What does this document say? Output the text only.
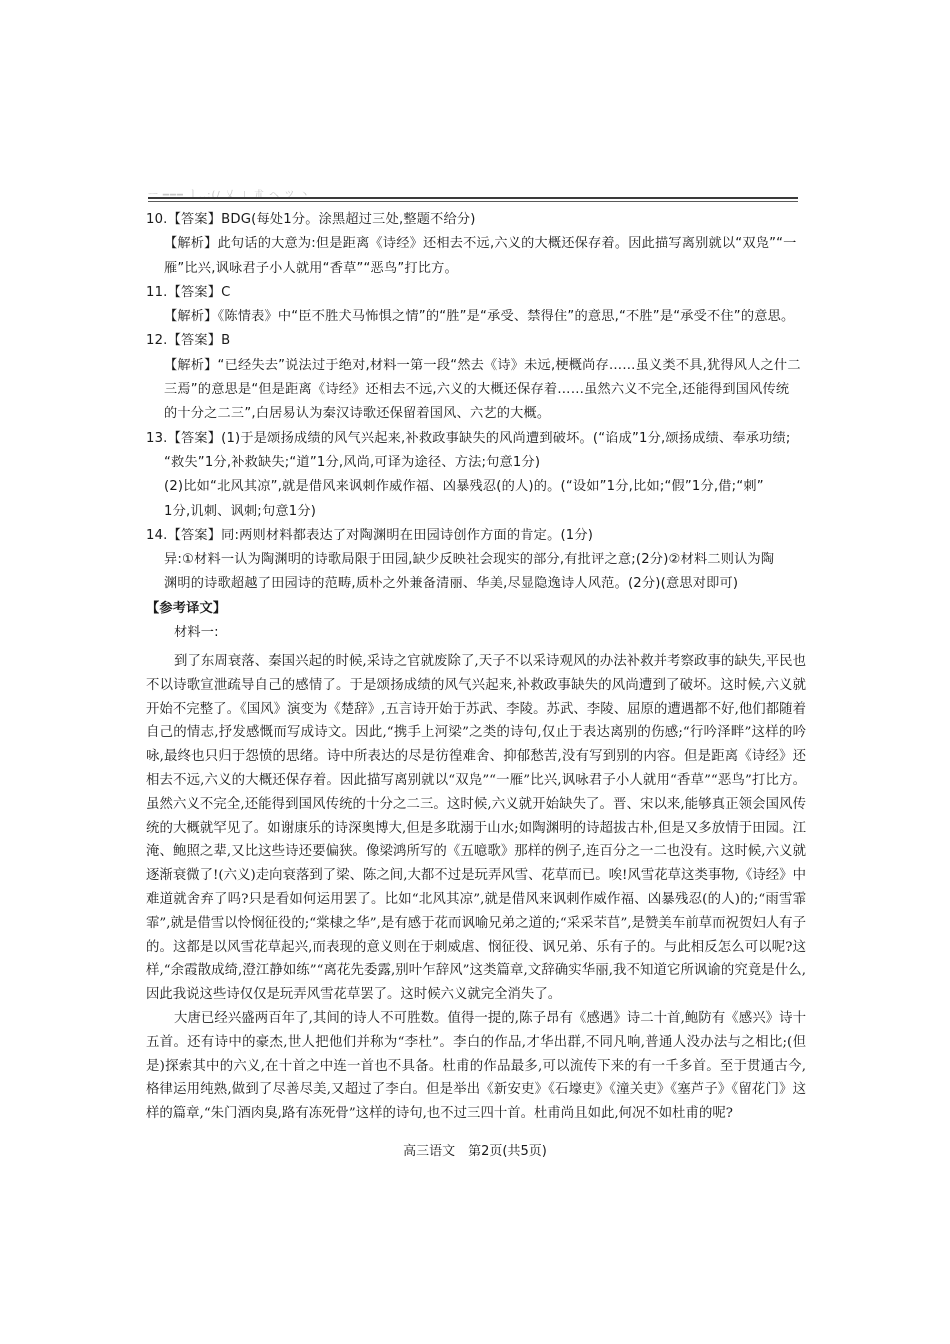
ㅡ ━━━ ㅣ..:(/ 乂 ⊥ 朮 ヘ ツ 丶

10.【答案】BDG(每处1分。涂黑超过三处,整题不给分)

【解析】此句话的大意为:但是距离《诗经》还相去不远,六义的大概还保存着。因此描写离别就以“双凫”“一

雁”比兴,讽咏君子小人就用“香草”“恶鸟”打比方。

11.【答案】C

【解析】《陈情表》中“臣不胜犬马怖惧之情”的“胜”是“承受、禁得住”的意思,“不胜”是“承受不住”的意思。

12.【答案】B

【解析】“已经失去”说法过于绝对,材料一第一段“然去《诗》未远,梗概尚存……虽义类不具,犹得风人之什二

三焉”的意思是“但是距离《诗经》还相去不远,六义的大概还保存着……虽然六义不完全,还能得到国风传统

的十分之二三”,白居易认为秦汉诗歌还保留着国风、六艺的大概。

13.【答案】(1)于是颂扬成绩的风气兴起来,补救政事缺失的风尚遭到破坏。(“谄成”1分,颂扬成绩、奉承功绩;

“救失”1分,补救缺失;“道”1分,风尚,可译为途径、方法;句意1分)

(2)比如“北风其凉”,就是借风来讽刺作威作福、凶暴残忍(的人)的。(“设如”1分,比如;“假”1分,借;“刺”

1分,讥刺、讽刺;句意1分)

14.【答案】同:两则材料都表达了对陶渊明在田园诗创作方面的肯定。(1分)

异:①材料一认为陶渊明的诗歌局限于田园,缺少反映社会现实的部分,有批评之意;(2分)②材料二则认为陶

渊明的诗歌超越了田园诗的范畴,质朴之外兼备清丽、华美,尽显隐逸诗人风范。(2分)(意思对即可)

【参考译文】

材料一:

到了东周衰落、秦国兴起的时候,采诗之官就废除了,天子不以采诗观风的办法补救并考察政事的缺失,平民也不以诗歌宣泄疏导自己的感情了。于是颂扬成绩的风气兴起来,补救政事缺失的风尚遭到了破坏。这时候,六义就开始不完整了。《国风》演变为《楚辞》,五言诗开始于苏武、李陵。苏武、李陵、屈原的遭遇都不好,他们都随着自己的情志,抒发感慨而写成诗文。因此,“携手上河梁”之类的诗句,仅止于表达离别的伤感;“行吟泽畔”这样的吟咏,最终也只归于怨愤的思绪。诗中所表达的尽是彷徨难舍、抑郁愁苦,没有写到别的内容。但是距离《诗经》还相去不远,六义的大概还保存着。因此描写离别就以“双凫”“一雁”比兴,讽咏君子小人就用“香草”“恶鸟”打比方。虽然六义不完全,还能得到国风传统的十分之二三。这时候,六义就开始缺失了。晋、宋以来,能够真正领会国风传统的大概就罕见了。如谢康乐的诗深奥博大,但是多耽溺于山水;如陶渊明的诗超拔古朴,但是又多放情于田园。江淹、鲍照之辈,又比这些诗还要偏狭。像梁鸿所写的《五噫歌》那样的例子,连百分之一二也没有。这时候,六义就逐渐衰微了!(六义)走向衰落到了梁、陈之间,大都不过是玩弄风雪、花草而已。唉!风雪花草这类事物,《诗经》中难道就舍弃了吗?只是看如何运用罢了。比如“北风其凉”,就是借风来讽刺作威作福、凶暴残忍(的人)的;“雨雪霏霏”,就是借雪以怜悯征役的;“棠棣之华”,是有感于花而讽喻兄弟之道的;“采采芣苢”,是赞美车前草而祝贺妇人有子的。这都是以风雪花草起兴,而表现的意义则在于刺威虐、悯征役、讽兄弟、乐有子的。与此相反怎么可以呢?这样,“余霞散成绮,澄江静如练”“离花先委露,别叶乍辞风”这类篇章,文辞确实华丽,我不知道它所讽谕的究竟是什么,因此我说这些诗仅仅是玩弄风雪花草罢了。这时候六义就完全消失了。

大唐已经兴盛两百年了,其间的诗人不可胜数。值得一提的,陈子昂有《感遇》诗二十首,鲍防有《感兴》诗十五首。还有诗中的豪杰,世人把他们并称为“李杜”。李白的作品,才华出群,不同凡响,普通人没办法与之相比;(但是)探索其中的六义,在十首之中连一首也不具备。杜甫的作品最多,可以流传下来的有一千多首。至于贯通古今,格律运用纯熟,做到了尽善尽美,又超过了李白。但是举出《新安吏》《石壕吏》《潼关吏》《塞芦子》《留花门》这样的篇章,“朱门酒肉臭,路有冻死骨”这样的诗句,也不过三四十首。杜甫尚且如此,何况不如杜甫的呢?

高三语文　第2页(共5页)
